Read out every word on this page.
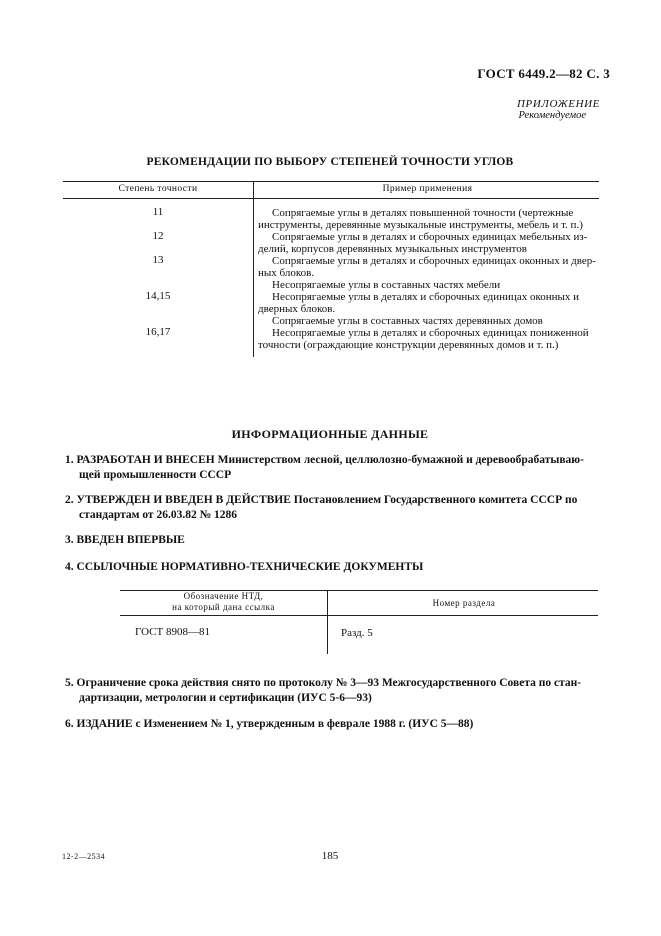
ГОСТ 6449.2—82 С. 3
ПРИЛОЖЕНИЕ
Рекомендуемое
РЕКОМЕНДАЦИИ ПО ВЫБОРУ СТЕПЕНЕЙ ТОЧНОСТИ УГЛОВ
Степень точности	Пример применения
11	Сопрягаемые углы в деталях повышенной точности (чертежные
инструменты, деревянные музыкальные инструменты, мебель и т. п.)
12	Сопрягаемые углы в деталях и сборочных единицах мебельных из-
делий, корпусов деревянных музыкальных инструментов
13	Сопрягаемые углы в деталях и сборочных единицах оконных и двер-
ных блоков.
Несопрягаемые углы в составных частях мебели
14,15	Несопрягаемые углы в деталях и сборочных единицах оконных и
дверных блоков.
Сопрягаемые углы в составных частях деревянных домов
16,17	Несопрягаемые углы в деталях и сборочных единицах пониженной
точности (ограждающие конструкции деревянных домов и т. п.)
ИНФОРМАЦИОННЫЕ ДАННЫЕ
1. РАЗРАБОТАН И ВНЕСЕН Министерством лесной, целлюлозно-бумажной и деревообрабатываю-
щей промышленности СССР
2. УТВЕРЖДЕН И ВВЕДЕН В ДЕЙСТВИЕ Постановлением Государственного комитета СССР по
стандартам от 26.03.82 № 1286
3. ВВЕДЕН ВПЕРВЫЕ
4. ССЫЛОЧНЫЕ НОРМАТИВНО-ТЕХНИЧЕСКИЕ ДОКУМЕНТЫ
Обозначение НТД,
на который дана ссылка	Номер раздела
ГОСТ 8908—81	Разд. 5
5. Ограничение срока действия снято по протоколу № 3—93 Межгосударственного Совета по стан-
дартизации, метрологии и сертификации (ИУС 5-6—93)
6. ИЗДАНИЕ с Изменением № 1, утвержденным в феврале 1988 г. (ИУС 5—88)
12-2—2534	185
